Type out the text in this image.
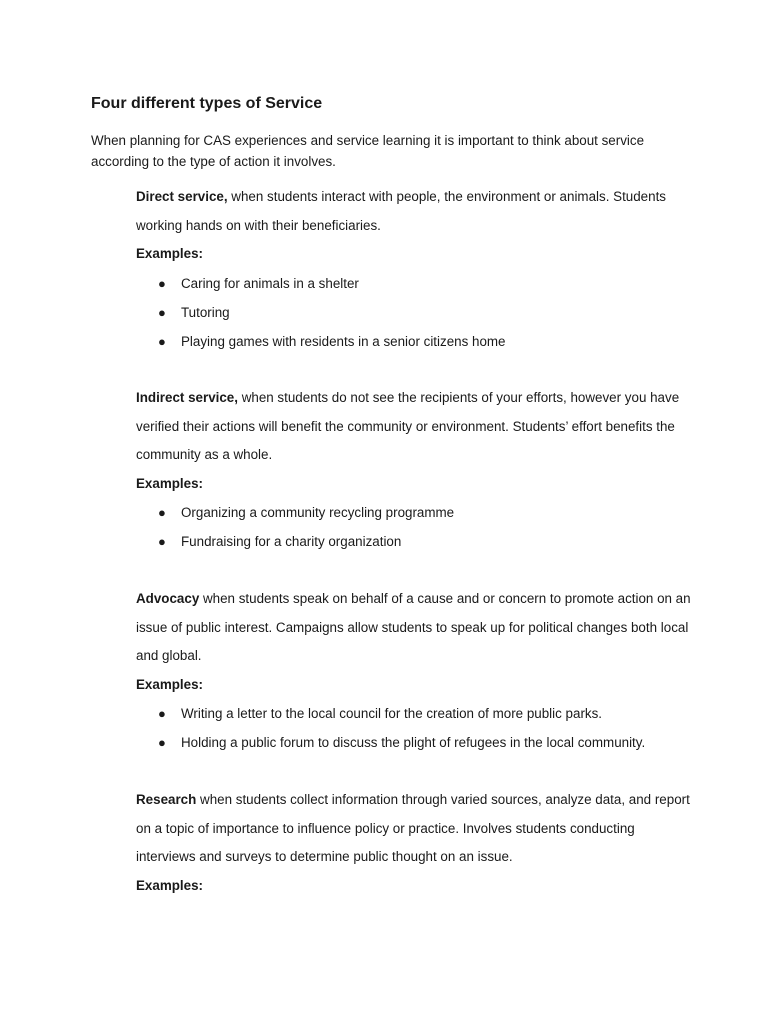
Four different types of Service

When planning for CAS experiences and service learning it is important to think about service according to the type of action it involves.

Direct service, when students interact with people, the environment or animals. Students working hands on with their beneficiaries.

Examples:

● Caring for animals in a shelter
● Tutoring
● Playing games with residents in a senior citizens home

Indirect service, when students do not see the recipients of your efforts, however you have verified their actions will benefit the community or environment. Students’ effort benefits the community as a whole.

Examples:

● Organizing a community recycling programme
● Fundraising for a charity organization

Advocacy when students speak on behalf of a cause and or concern to promote action on an issue of public interest. Campaigns allow students to speak up for political changes both local and global.

Examples:

● Writing a letter to the local council for the creation of more public parks.
● Holding a public forum to discuss the plight of refugees in the local community.

Research when students collect information through varied sources, analyze data, and report on a topic of importance to influence policy or practice. Involves students conducting interviews and surveys to determine public thought on an issue.

Examples:
